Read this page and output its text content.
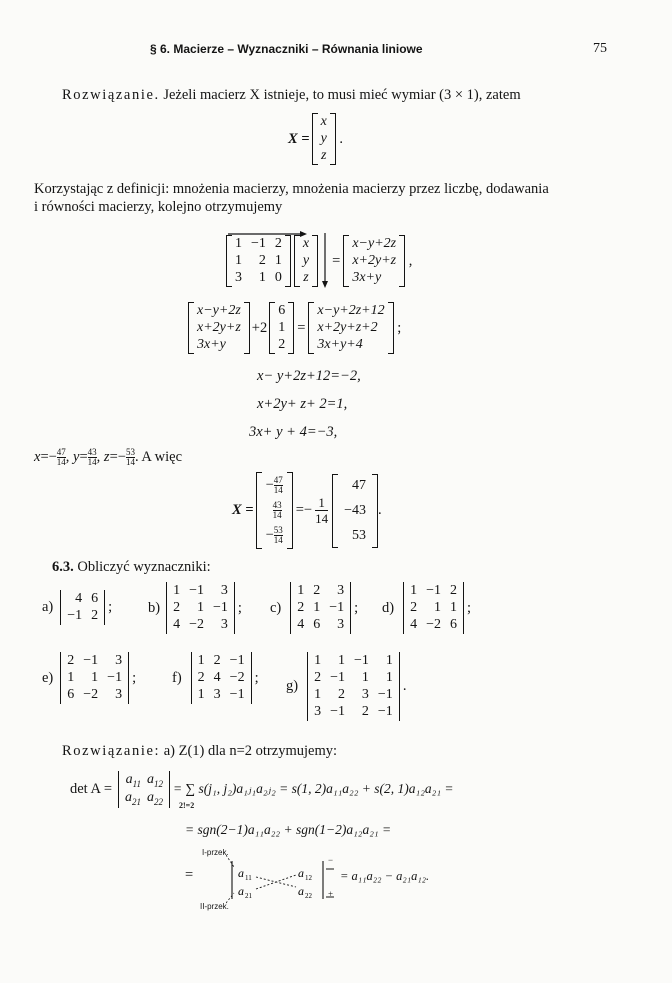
§ 6. Macierze – Wyznaczniki – Równania liniowe	75
Rozwiązanie. Jeżeli macierz X istnieje, to musi mieć wymiar (3 × 1), zatem
X =
x
y
z
.
Korzystając z definicji: mnożenia macierzy, mnożenia macierzy przez liczbę, dodawania
i równości macierzy, kolejno otrzymujemy
1 −1 2
1	2 1
3	1 0
x
y
z
=
x−y+2z
x+2y+z
3x+y
,
x−y+2z
x+2y+z
3x+y
+2
6
1
2
=
x−y+2z+12
x+2y+z+2
3x+y+4
;
x− y+2z+12=−2,
x+2y+ z+ 2=1,
3x+ y + 4=−3,
$x =- \frac{47}{14}$ , $y = \frac{43}{14}$ , $z =- \frac{53}{14}$ . A więc
X =
− $\frac{47}{14}$
$\frac{43}{14}$
− $\frac{53}{14}$
=− $\frac{1}{14}$
47
−43
53
.
6.3. Obliczyć wyznaczniki:
a)
4 6
−1 2
; b)
1 −1	3
2	1 −1
4 −2	3
; c)
1 2	3
2 1 −1
4 6	3
; d)
1 −1 2
2	1 1
4 −2 6
;
e)
2 −1	3
1	1 −1
6 −2	3
; f)
1 2 −1
2 4 −2
1 3 −1
;
g)
1	1 −1	1
2 −1	1	1
1	2	3 −1
3 −1	2 −1
.
Rozwiązanie: a) Z(1) dla n=2 otrzymujemy:
det A =
$a_{11}$ $a_{12}$
$a_{21}$ $a_{22}$
= ∑ s(j₁, j₂)a₁ⱼ₁a₂ⱼ₂ = s(1, 2)a₁₁a₂₂ + s(2, 1)a₁₂a₂₁ =
2!=2
= sgn(2−1)a₁₁a₂₂ + sgn(1−2)a₁₂a₂₁ =
I-przek.
II-przek.
=	a 11	a 12
a 21	a 22
−
+
= a₁₁a₂₂ − a₂₁a₁₂.
